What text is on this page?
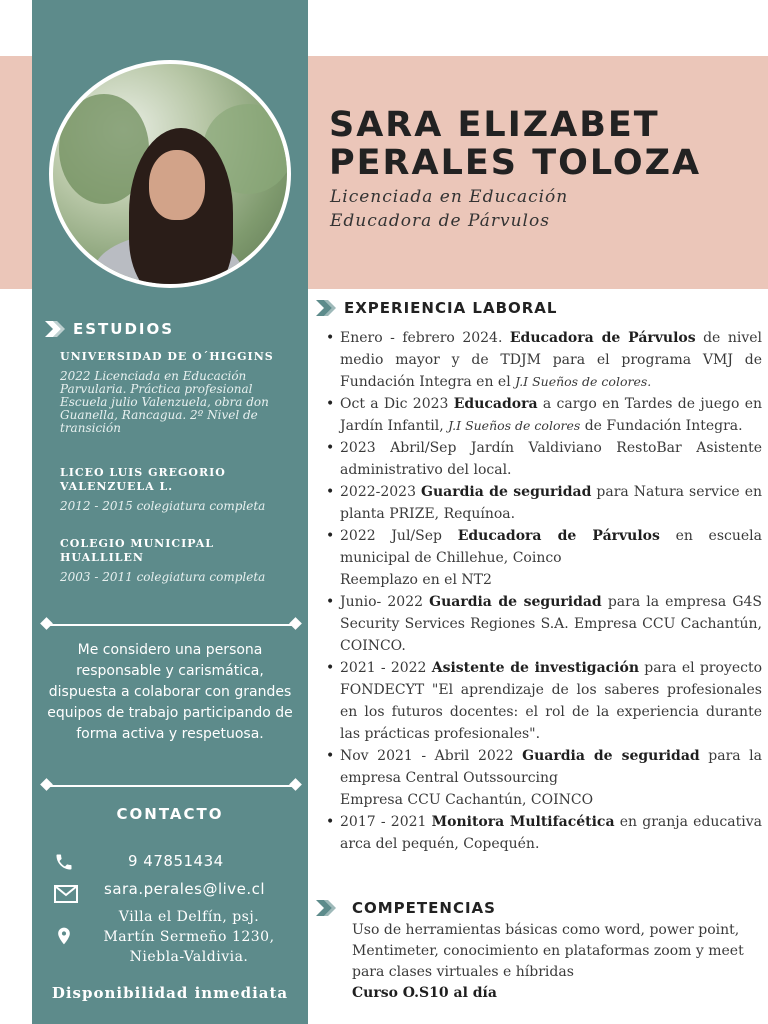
ESTUDIOS
UNIVERSIDAD DE O´HIGGINS
2022 Licenciada en Educación Parvularia. Práctica profesional Escuela julio Valenzuela, obra don Guanella, Rancagua. 2º Nivel de transición
LICEO LUIS GREGORIO VALENZUELA L.
2012 - 2015 colegiatura completa
COLEGIO MUNICIPAL HUALLILEN
2003 - 2011 colegiatura completa
Me considero una persona responsable y carismática, dispuesta a colaborar con grandes equipos de trabajo participando de forma activa y respetuosa.
CONTACTO
9 47851434
sara.perales@live.cl
Villa el Delfín, psj.
Martín Sermeño 1230,
Niebla-Valdivia.
Disponibilidad inmediata
SARA ELIZABET
PERALES TOLOZA
Licenciada en Educación
Educadora de Párvulos
EXPERIENCIA LABORAL
• Enero - febrero 2024. Educadora de Párvulos de nivel medio mayor y de TDJM para el programa VMJ de Fundación Integra en el J.I Sueños de colores.
• Oct a Dic 2023 Educadora a cargo en Tardes de juego en Jardín Infantil, J.I Sueños de colores de Fundación Integra.
• 2023 Abril/Sep Jardín Valdiviano RestoBar Asistente administrativo del local.
• 2022-2023 Guardia de seguridad para Natura service en planta PRIZE, Requínoa.
• 2022 Jul/Sep Educadora de Párvulos en escuela municipal de Chillehue, Coinco
Reemplazo en el NT2
• Junio- 2022 Guardia de seguridad para la empresa G4S Security Services Regiones S.A. Empresa CCU Cachantún, COINCO.
• 2021 - 2022 Asistente de investigación para el proyecto FONDECYT "El aprendizaje de los saberes profesionales en los futuros docentes: el rol de la experiencia durante las prácticas profesionales".
• Nov 2021 - Abril 2022 Guardia de seguridad para la empresa Central Outssourcing
Empresa CCU Cachantún, COINCO
• 2017 - 2021 Monitora Multifacética en granja educativa arca del pequén, Copequén.
COMPETENCIAS
Uso de herramientas básicas como word, power point, Mentimeter, conocimiento en plataformas zoom y meet para clases virtuales e híbridas
Curso O.S10 al día
